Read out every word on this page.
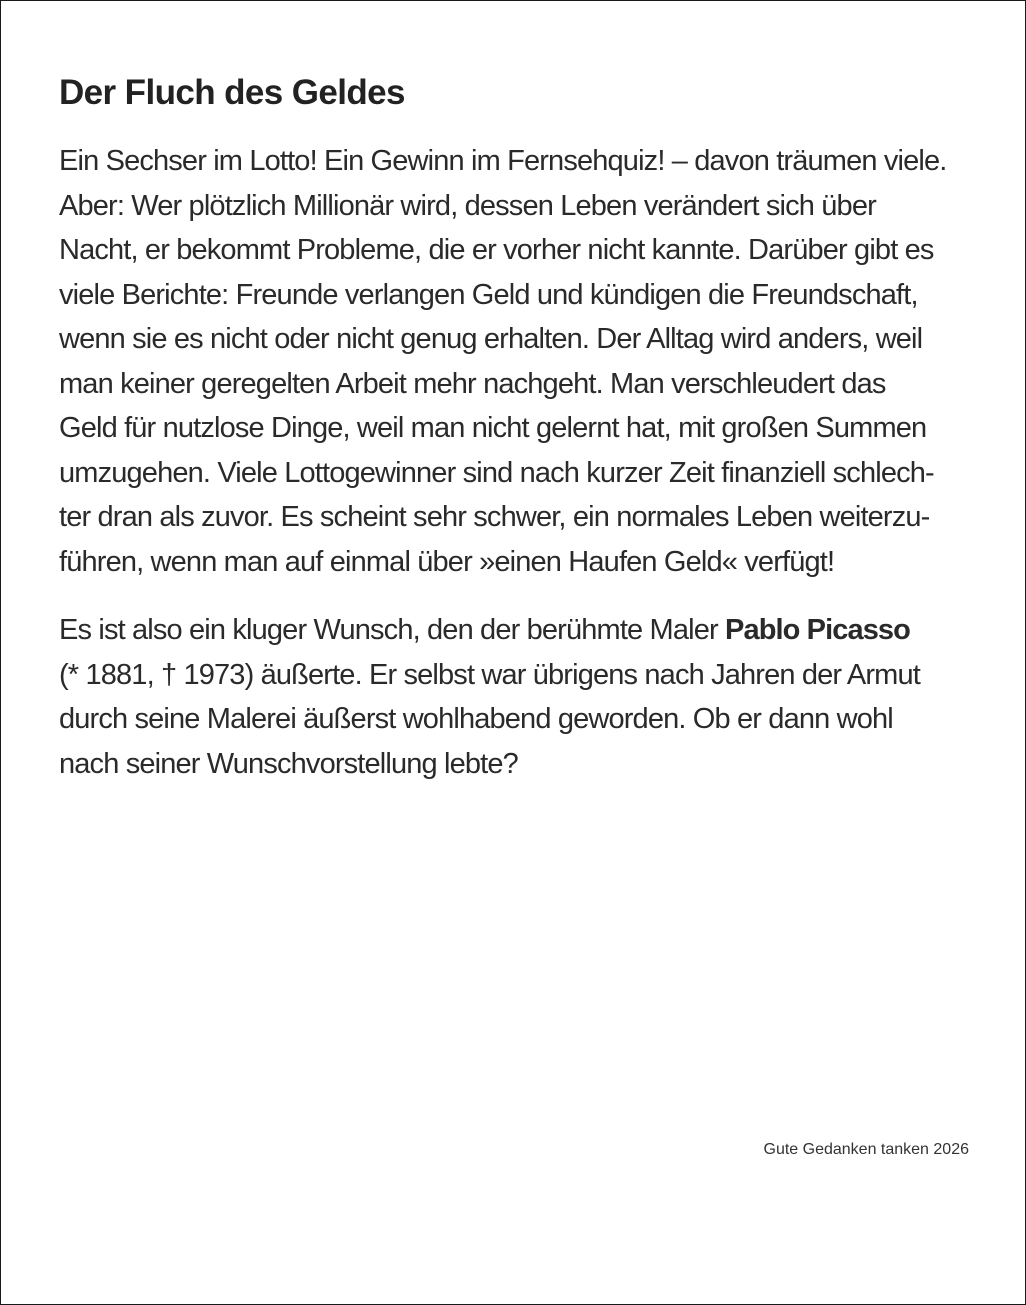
Der Fluch des Geldes

Ein Sechser im Lotto! Ein Gewinn im Fernsehquiz! – davon träumen viele.
Aber: Wer plötzlich Millionär wird, dessen Leben verändert sich über
Nacht, er bekommt Probleme, die er vorher nicht kannte. Darüber gibt es
viele Berichte: Freunde verlangen Geld und kündigen die Freundschaft,
wenn sie es nicht oder nicht genug erhalten. Der Alltag wird anders, weil
man keiner geregelten Arbeit mehr nachgeht. Man verschleudert das
Geld für nutzlose Dinge, weil man nicht gelernt hat, mit großen Summen
umzugehen. Viele Lottogewinner sind nach kurzer Zeit finanziell schlech-
ter dran als zuvor. Es scheint sehr schwer, ein normales Leben weiterzu-
führen, wenn man auf einmal über »einen Haufen Geld« verfügt!

Es ist also ein kluger Wunsch, den der berühmte Maler Pablo Picasso
(* 1881, † 1973) äußerte. Er selbst war übrigens nach Jahren der Armut
durch seine Malerei äußerst wohlhabend geworden. Ob er dann wohl
nach seiner Wunschvorstellung lebte?

Gute Gedanken tanken 2026
